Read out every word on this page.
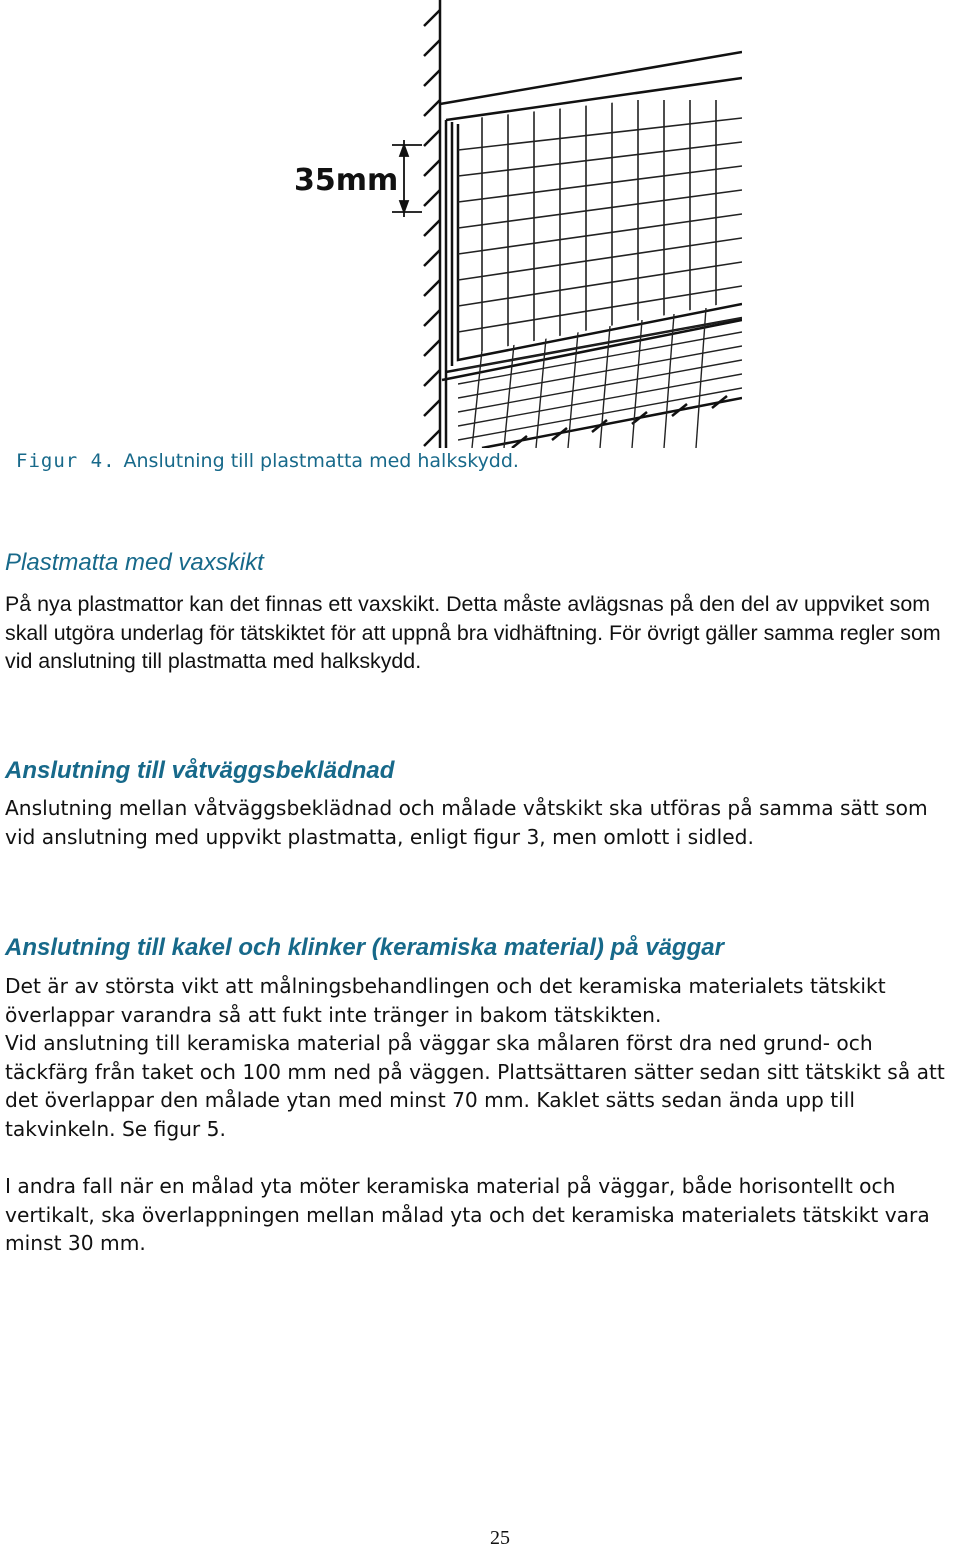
35mm
Figur 4. Anslutning till plastmatta med halkskydd.
Plastmatta med vaxskikt

På nya plastmattor kan det finnas ett vaxskikt. Detta måste avlägsnas på den del av uppviket som skall utgöra underlag för tätskiktet för att uppnå bra vidhäftning. För övrigt gäller samma regler som vid anslutning till plastmatta med halkskydd.

Anslutning till våtväggsbeklädnad

Anslutning mellan våtväggsbeklädnad och målade våtskikt ska utföras på samma sätt som vid anslutning med uppvikt plastmatta, enligt figur 3, men omlott i sidled.

Anslutning till kakel och klinker (keramiska material) på väggar

Det är av största vikt att målningsbehandlingen och det keramiska materialets tätskikt överlappar varandra så att fukt inte tränger in bakom tätskikten.

Vid anslutning till keramiska material på väggar ska målaren först dra ned grund- och täckfärg från taket och 100 mm ned på väggen. Plattsättaren sätter sedan sitt tätskikt så att det överlappar den målade ytan med minst 70 mm. Kaklet sätts sedan ända upp till takvinkeln. Se figur 5.

I andra fall när en målad yta möter keramiska material på väggar, både horisontellt och vertikalt, ska överlappningen mellan målad yta och det keramiska materialets tätskikt vara minst 30 mm.

25
